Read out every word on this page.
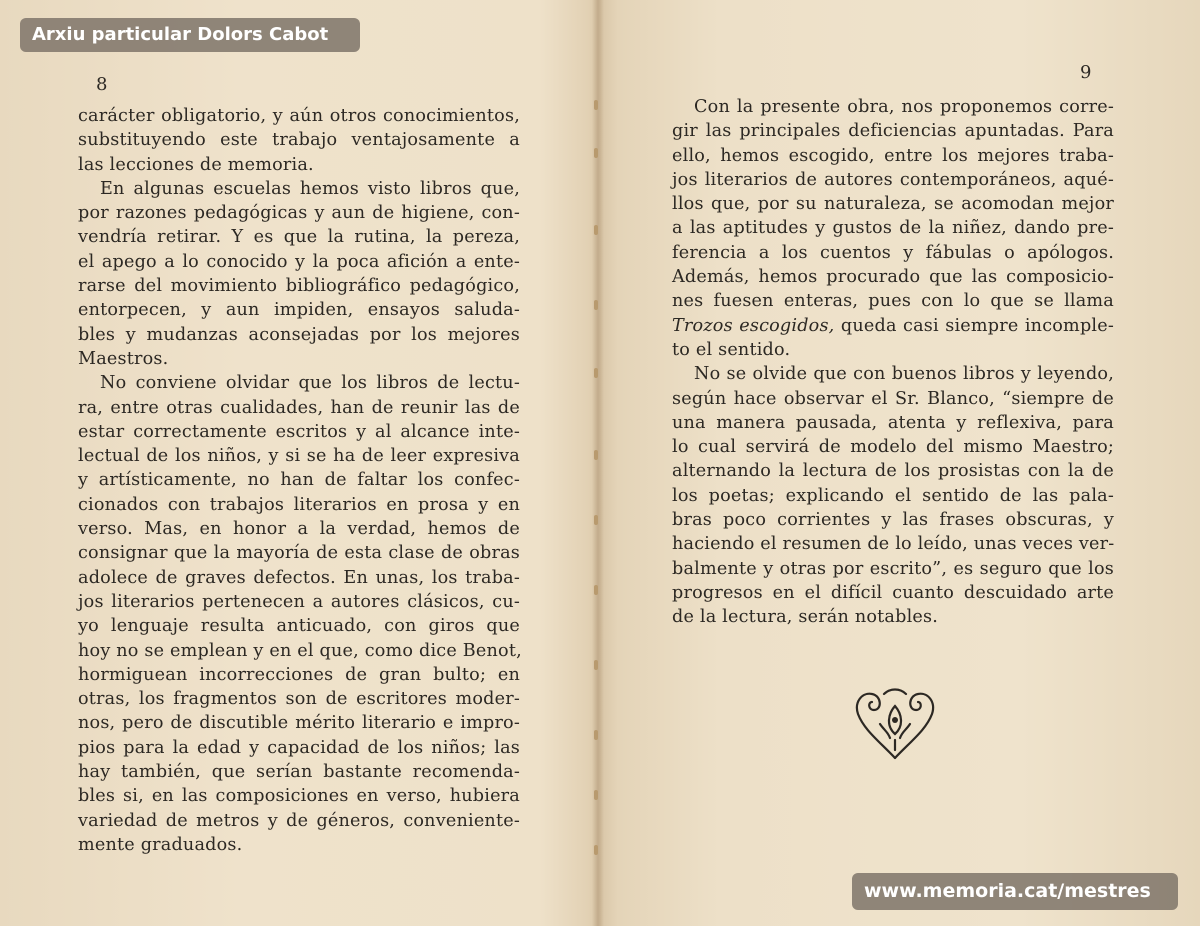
8
carácter obligatorio, y aún otros conocimientos,
substituyendo este trabajo ventajosamente a
las lecciones de memoria.
En algunas escuelas hemos visto libros que,
por razones pedagógicas y aun de higiene, con-
vendría retirar. Y es que la rutina, la pereza,
el apego a lo conocido y la poca afición a ente-
rarse del movimiento bibliográfico pedagógico,
entorpecen, y aun impiden, ensayos saluda-
bles y mudanzas aconsejadas por los mejores
Maestros.
No conviene olvidar que los libros de lectu-
ra, entre otras cualidades, han de reunir las de
estar correctamente escritos y al alcance inte-
lectual de los niños, y si se ha de leer expresiva
y artísticamente, no han de faltar los confec-
cionados con trabajos literarios en prosa y en
verso. Mas, en honor a la verdad, hemos de
consignar que la mayoría de esta clase de obras
adolece de graves defectos. En unas, los traba-
jos literarios pertenecen a autores clásicos, cu-
yo lenguaje resulta anticuado, con giros que
hoy no se emplean y en el que, como dice Benot,
hormiguean incorrecciones de gran bulto; en
otras, los fragmentos son de escritores moder-
nos, pero de discutible mérito literario e impro-
pios para la edad y capacidad de los niños; las
hay también, que serían bastante recomenda-
bles si, en las composiciones en verso, hubiera
variedad de metros y de géneros, conveniente-
mente graduados.
9
Con la presente obra, nos proponemos corre-
gir las principales deficiencias apuntadas. Para
ello, hemos escogido, entre los mejores traba-
jos literarios de autores contemporáneos, aqué-
llos que, por su naturaleza, se acomodan mejor
a las aptitudes y gustos de la niñez, dando pre-
ferencia a los cuentos y fábulas o apólogos.
Además, hemos procurado que las composicio-
nes fuesen enteras, pues con lo que se llama
Trozos escogidos, queda casi siempre incomple-
to el sentido.
No se olvide que con buenos libros y leyendo,
según hace observar el Sr. Blanco, “siempre de
una manera pausada, atenta y reflexiva, para
lo cual servirá de modelo del mismo Maestro;
alternando la lectura de los prosistas con la de
los poetas; explicando el sentido de las pala-
bras poco corrientes y las frases obscuras, y
haciendo el resumen de lo leído, unas veces ver-
balmente y otras por escrito”, es seguro que los
progresos en el difícil cuanto descuidado arte
de la lectura, serán notables.
Arxiu particular Dolors Cabot
www.memoria.cat/mestres
